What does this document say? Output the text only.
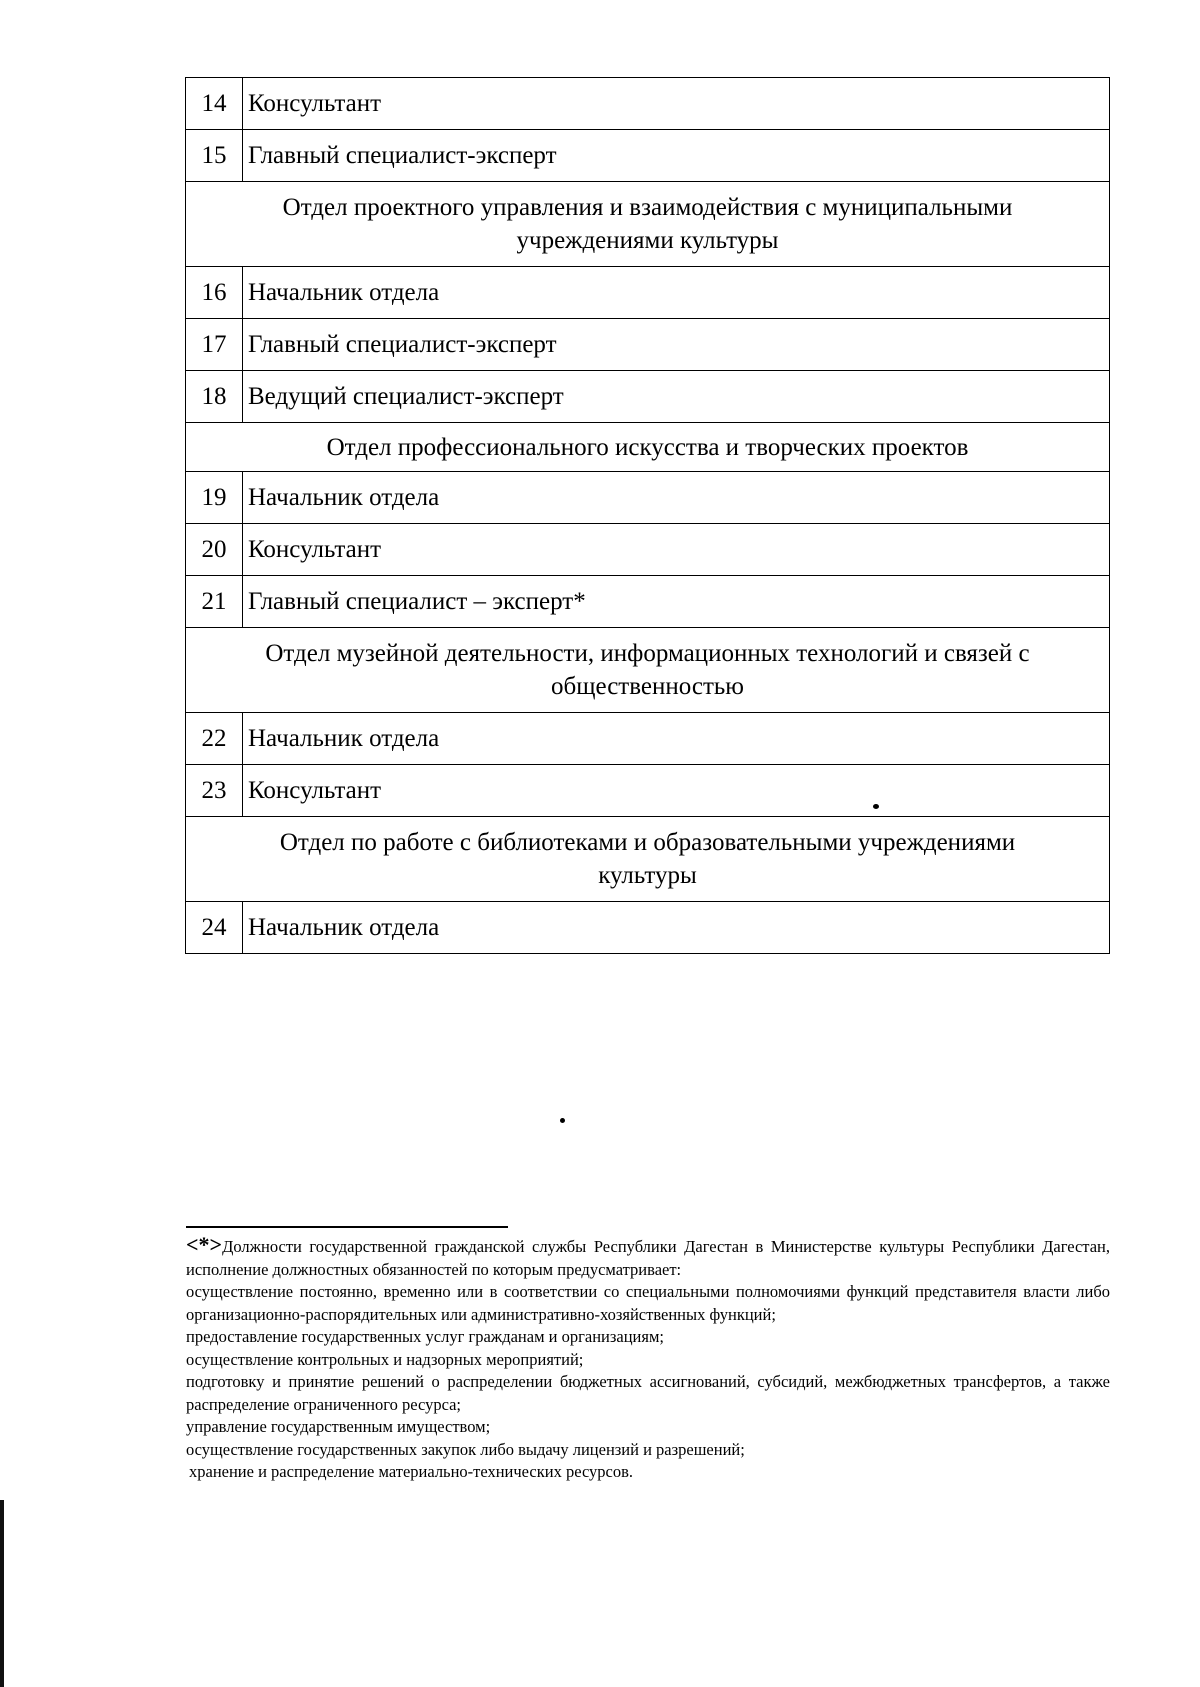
14	Консультант
15	Главный специалист-эксперт

Отдел проектного управления и взаимодействия с муниципальными
учреждениями культуры	

16	Начальник отдела
17	Главный специалист-эксперт
18	Ведущий специалист-эксперт

Отдел профессионального искусства и творческих проектов	

19	Начальник отдела
20	Консультант
21	Главный специалист – эксперт*

Отдел музейной деятельности, информационных технологий и связей с
общественностью	

22	Начальник отдела
23	Консультант

Отдел по работе с библиотеками и образовательными учреждениями
культуры	

24	Начальник отдела

<*>Должности государственной гражданской службы Республики Дагестан в Министерстве культуры Республики Дагестан, исполнение должностных обязанностей по которым предусматривает:

осуществление постоянно, временно или в соответствии со специальными полномочиями функций представителя власти либо организационно-распорядительных или административно-хозяйственных функций;

предоставление государственных услуг гражданам и организациям;

осуществление контрольных и надзорных мероприятий;

подготовку и принятие решений о распределении бюджетных ассигнований, субсидий, межбюджетных трансфертов, а также распределение ограниченного ресурса;

управление государственным имуществом;

осуществление государственных закупок либо выдачу лицензий и разрешений;

хранение и распределение материально-технических ресурсов.
